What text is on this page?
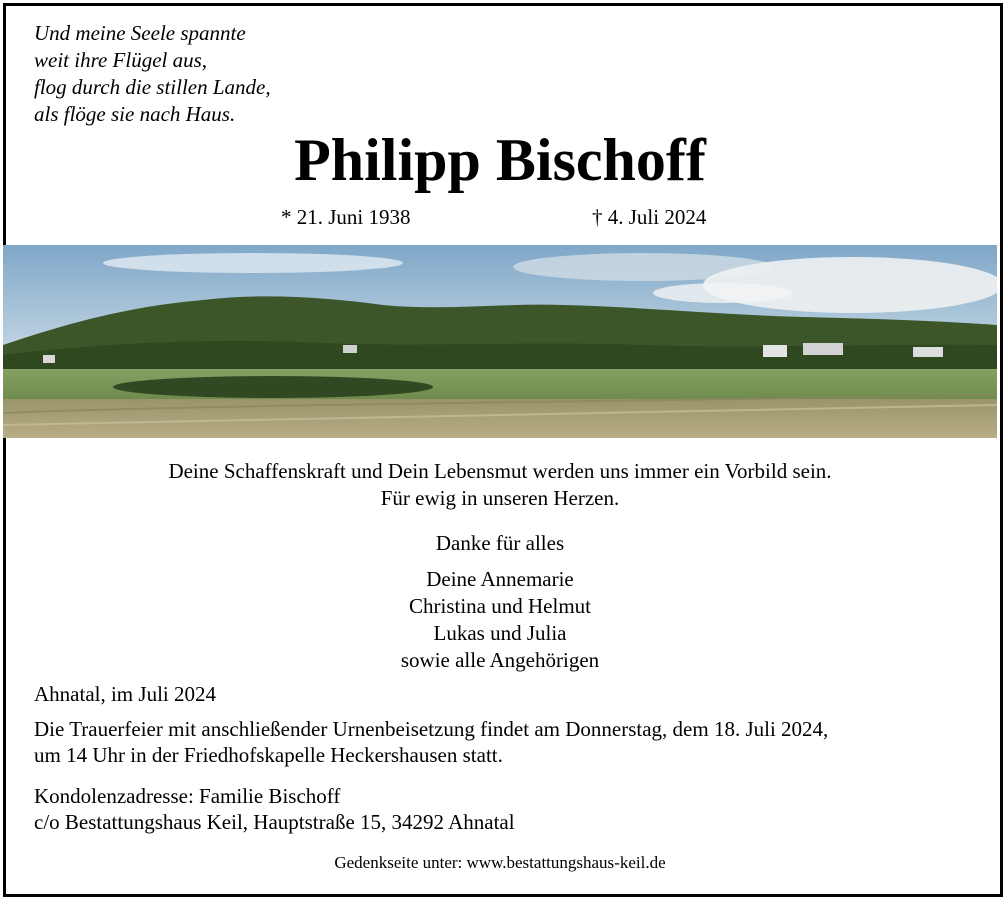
Und meine Seele spannte
weit ihre Flügel aus,
flog durch die stillen Lande,
als flöge sie nach Haus.
Philipp Bischoff
* 21. Juni 1938	† 4. Juli 2024
Deine Schaffenskraft und Dein Lebensmut werden uns immer ein Vorbild sein.
Für ewig in unseren Herzen.
Danke für alles
Deine Annemarie
Christina und Helmut
Lukas und Julia
sowie alle Angehörigen
Ahnatal, im Juli 2024
Die Trauerfeier mit anschließender Urnenbeisetzung findet am Donnerstag, dem 18. Juli 2024,
um 14 Uhr in der Friedhofskapelle Heckershausen statt.
Kondolenzadresse: Familie Bischoff
c/o Bestattungshaus Keil, Hauptstraße 15, 34292 Ahnatal
Gedenkseite unter: www.bestattungshaus-keil.de
